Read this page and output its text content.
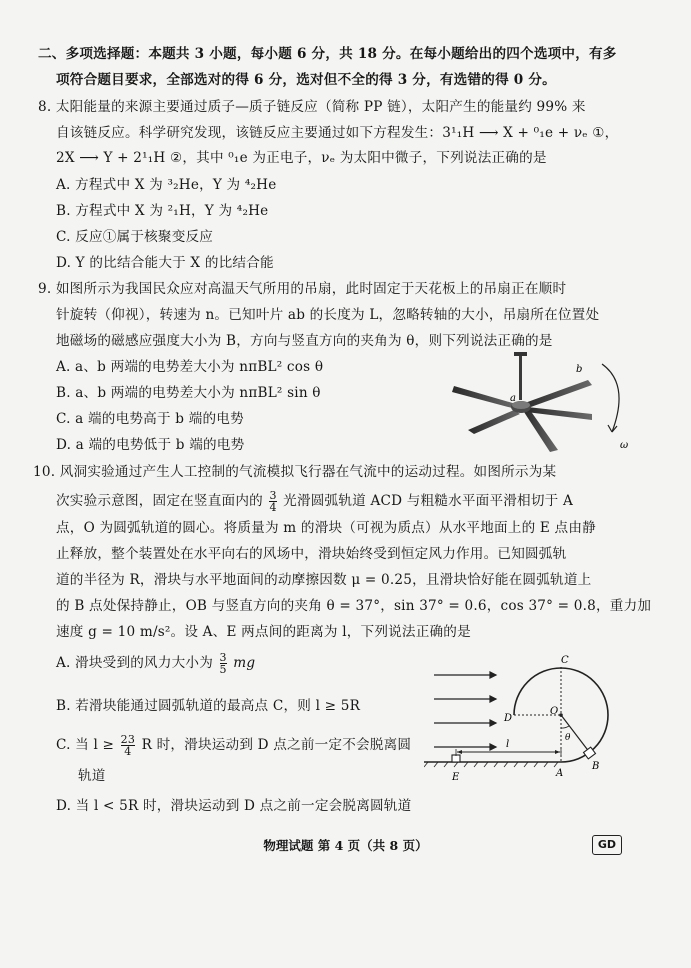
二、多项选择题：本题共 3 小题，每小题 6 分，共 18 分。在每小题给出的四个选项中，有多
项符合题目要求，全部选对的得 6 分，选对但不全的得 3 分，有选错的得 0 分。
8. 太阳能量的来源主要通过质子—质子链反应（简称 PP 链），太阳产生的能量约 99% 来
自该链反应。科学研究发现，该链反应主要通过如下方程发生：3¹₁H ⟶ X + ⁰₁e + νₑ ①，
2X ⟶ Y + 2¹₁H ②，其中 ⁰₁e 为正电子，νₑ 为太阳中微子，下列说法正确的是
A. 方程式中 X 为 ³₂He，Y 为 ⁴₂He
B. 方程式中 X 为 ²₁H，Y 为 ⁴₂He
C. 反应①属于核聚变反应
D. Y 的比结合能大于 X 的比结合能
9. 如图所示为我国民众应对高温天气所用的吊扇，此时固定于天花板上的吊扇正在顺时
针旋转（仰视），转速为 n。已知叶片 ab 的长度为 L，忽略转轴的大小，吊扇所在位置处
地磁场的磁感应强度大小为 B，方向与竖直方向的夹角为 θ，则下列说法正确的是
A. a、b 两端的电势差大小为 nπBL² cos θ
B. a、b 两端的电势差大小为 nπBL² sin θ
C. a 端的电势高于 b 端的电势
D. a 端的电势低于 b 端的电势
a
b
ω
10. 风洞实验通过产生人工控制的气流模拟飞行器在气流中的运动过程。如图所示为某
次实验示意图，固定在竖直面内的 $\frac{3}{4}$ 光滑圆弧轨道 ACD 与粗糙水平面平滑相切于 A
点，O 为圆弧轨道的圆心。将质量为 m 的滑块（可视为质点）从水平地面上的 E 点由静
止释放，整个装置处在水平向右的风场中，滑块始终受到恒定风力作用。已知圆弧轨
道的半径为 R，滑块与水平地面间的动摩擦因数 μ = 0.25，且滑块恰好能在圆弧轨道上
的 B 点处保持静止，OB 与竖直方向的夹角 θ = 37°，sin 37° = 0.6，cos 37° = 0.8，重力加
速度 g = 10 m/s²。设 A、E 两点间的距离为 l，下列说法正确的是
A. 滑块受到的风力大小为 $\frac{3}{5}$ mg
B. 若滑块能通过圆弧轨道的最高点 C，则 l ≥ 5R
C. 当 $l \ge \frac{23}{4}$ R 时，滑块运动到 D 点之前一定不会脱离圆
轨道
D. 当 l < 5R 时，滑块运动到 D 点之前一定会脱离圆轨道
C
D
O
θ
B
A
E
l
物理试题 第 4 页（共 8 页）	GD
